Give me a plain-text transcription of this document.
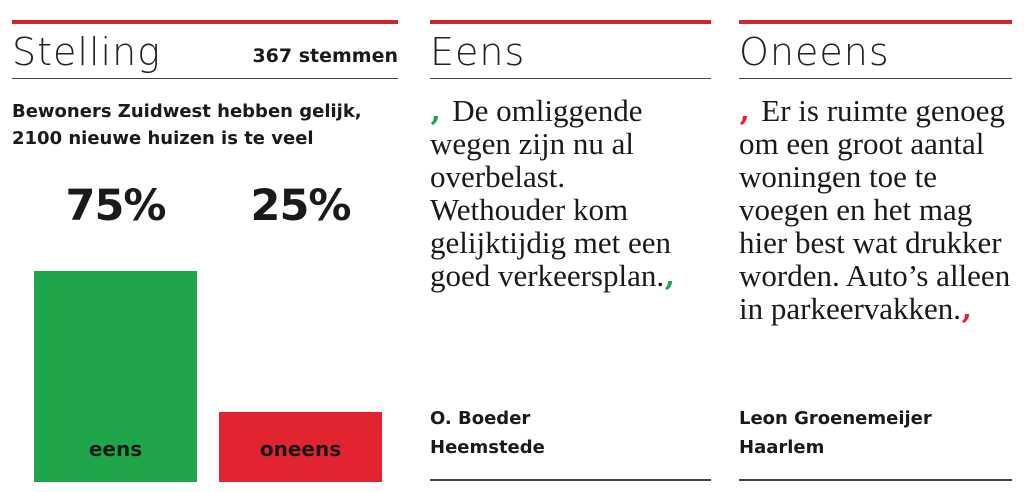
Stelling	367 stemmen
Bewoners Zuidwest hebben gelijk,
2100 nieuwe huizen is te veel
75%	25%
eens	oneens
Eens
‚ De omliggende
wegen zijn nu al
overbelast.
Wethouder kom
gelijktijdig met een
goed verkeersplan.‚
O. Boeder
Heemstede
Oneens
‚ Er is ruimte genoeg
om een groot aantal
woningen toe te
voegen en het mag
hier best wat drukker
worden. Auto’s alleen
in parkeervakken.‚
Leon Groenemeijer
Haarlem
